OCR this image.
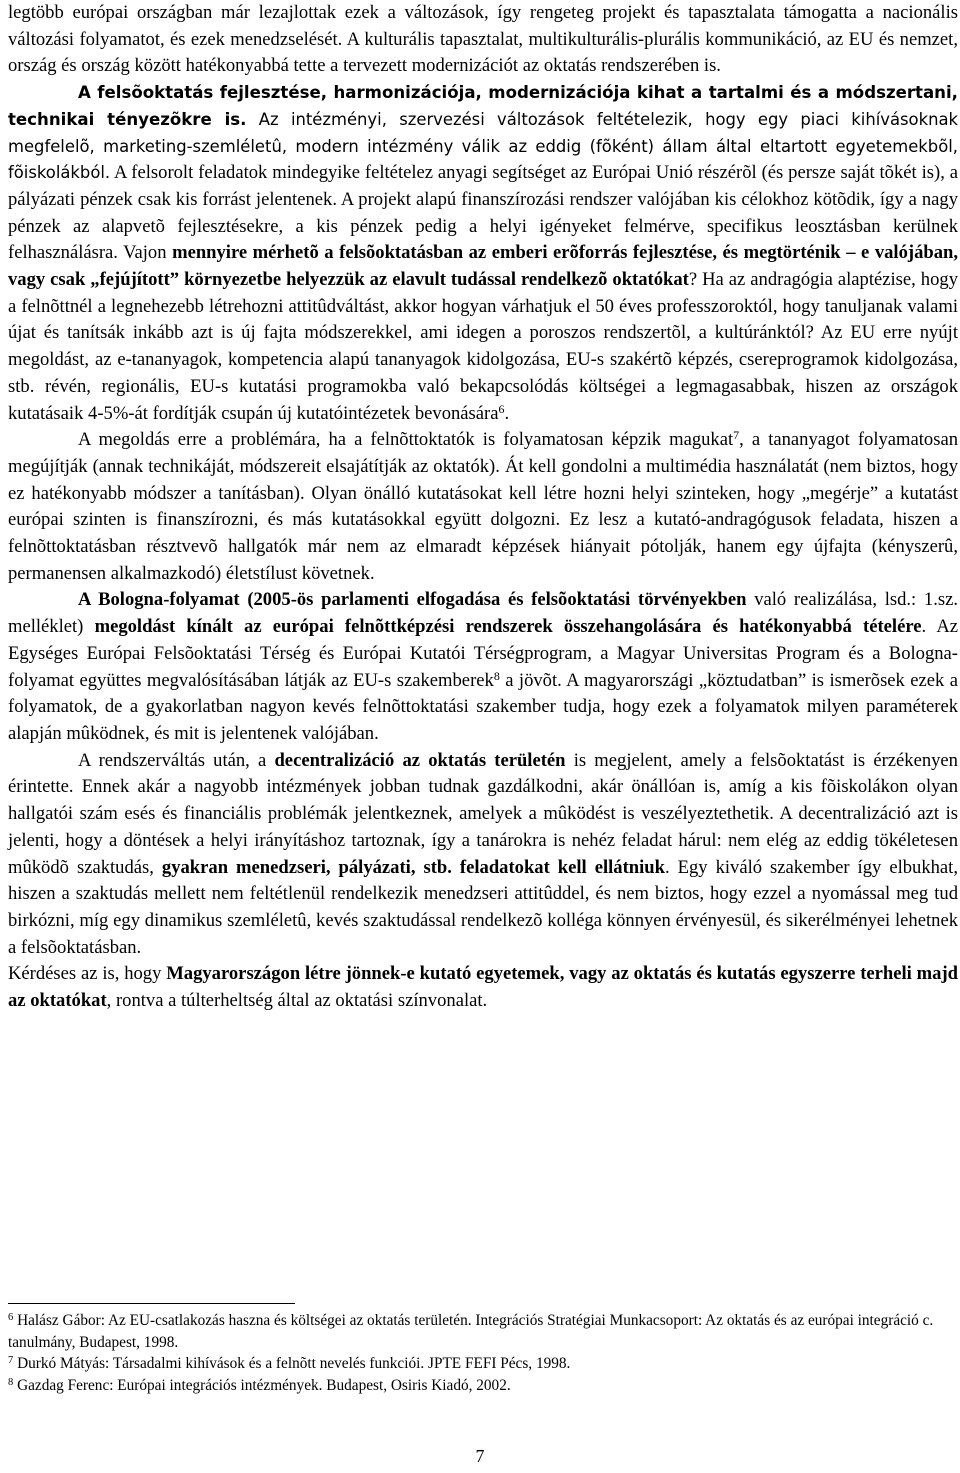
legtöbb európai országban már lezajlottak ezek a változások, így rengeteg projekt és tapasztalata támogatta a nacionális változási folyamatot, és ezek menedzselését. A kulturális tapasztalat, multikulturális-plurális kommunikáció, az EU és nemzet, ország és ország között hatékonyabbá tette a tervezett modernizációt az oktatás rendszerében is.

A felsõoktatás fejlesztése, harmonizációja, modernizációja kihat a tartalmi és a módszertani, technikai tényezõkre is. Az intézményi, szervezési változások feltételezik, hogy egy piaci kihívásoknak megfelelõ, marketing-szemléletû, modern intézmény válik az eddig (fõként) állam által eltartott egyetemekbõl, fõiskolákból. A felsorolt feladatok mindegyike feltételez anyagi segítséget az Európai Unió részérõl (és persze saját tõkét is), a pályázati pénzek csak kis forrást jelentenek. A projekt alapú finanszírozási rendszer valójában kis célokhoz kötõdik, így a nagy pénzek az alapvetõ fejlesztésekre, a kis pénzek pedig a helyi igényeket felmérve, specifikus leosztásban kerülnek felhasználásra. Vajon mennyire mérhetõ a felsõoktatásban az emberi erõforrás fejlesztése, és megtörténik – e valójában, vagy csak „fejújított” környezetbe helyezzük az elavult tudással rendelkezõ oktatókat? Ha az andragógia alaptézise, hogy a felnõttnél a legnehezebb létrehozni attitûdváltást, akkor hogyan várhatjuk el 50 éves professzoroktól, hogy tanuljanak valami újat és tanítsák inkább azt is új fajta módszerekkel, ami idegen a poroszos rendszertõl, a kultúránktól? Az EU erre nyújt megoldást, az e-tananyagok, kompetencia alapú tananyagok kidolgozása, EU-s szakértõ képzés, csereprogramok kidolgozása, stb. révén, regionális, EU-s kutatási programokba való bekapcsolódás költségei a legmagasabbak, hiszen az országok kutatásaik 4-5%-át fordítják csupán új kutatóintézetek bevonására$^6$.

A megoldás erre a problémára, ha a felnõttoktatók is folyamatosan képzik magukat$^7$, a tananyagot folyamatosan megújítják (annak technikáját, módszereit elsajátítják az oktatók). Át kell gondolni a multimédia használatát (nem biztos, hogy ez hatékonyabb módszer a tanításban). Olyan önálló kutatásokat kell létre hozni helyi szinteken, hogy „megérje” a kutatást európai szinten is finanszírozni, és más kutatásokkal együtt dolgozni. Ez lesz a kutató-andragógusok feladata, hiszen a felnõttoktatásban résztvevõ hallgatók már nem az elmaradt képzések hiányait pótolják, hanem egy újfajta (kényszerû, permanensen alkalmazkodó) életstílust követnek.

A Bologna-folyamat (2005-ös parlamenti elfogadása és felsõoktatási törvényekben való realizálása, lsd.: 1.sz. melléklet) megoldást kínált az európai felnõttképzési rendszerek összehangolására és hatékonyabbá tételére. Az Egységes Európai Felsõoktatási Térség és Európai Kutatói Térségprogram, a Magyar Universitas Program és a Bologna-folyamat együttes megvalósításában látják az EU-s szakemberek$^8$ a jövõt. A magyarországi „köztudatban” is ismerõsek ezek a folyamatok, de a gyakorlatban nagyon kevés felnõttoktatási szakember tudja, hogy ezek a folyamatok milyen paraméterek alapján mûködnek, és mit is jelentenek valójában.

A rendszerváltás után, a decentralizáció az oktatás területén is megjelent, amely a felsõoktatást is érzékenyen érintette. Ennek akár a nagyobb intézmények jobban tudnak gazdálkodni, akár önállóan is, amíg a kis fõiskolákon olyan hallgatói szám esés és financiális problémák jelentkeznek, amelyek a mûködést is veszélyeztethetik. A decentralizáció azt is jelenti, hogy a döntések a helyi irányításhoz tartoznak, így a tanárokra is nehéz feladat hárul: nem elég az eddig tökéletesen mûködõ szaktudás, gyakran menedzseri, pályázati, stb. feladatokat kell ellátniuk. Egy kiváló szakember így elbukhat, hiszen a szaktudás mellett nem feltétlenül rendelkezik menedzseri attitûddel, és nem biztos, hogy ezzel a nyomással meg tud birkózni, míg egy dinamikus szemléletû, kevés szaktudással rendelkezõ kollégа könnyen érvényesül, és sikerélményei lehetnek a felsõoktatásban.

Kérdéses az is, hogy Magyarországon létre jönnek-e kutató egyetemek, vagy az oktatás és kutatás egyszerre terheli majd az oktatókat, rontva a túlterheltség által az oktatási színvonalat.

$^6$ Halász Gábor: Az EU-csatlakozás haszna és költségei az oktatás területén. Integrációs Stratégiai Munkacsoport: Az oktatás és az európai integráció c. tanulmány, Budapest, 1998.

$^7$ Durkó Mátyás: Társadalmi kihívások és a felnõtt nevelés funkciói. JPTE FEFI Pécs, 1998.

$^8$ Gazdag Ferenc: Európai integrációs intézmények. Budapest, Osiris Kiadó, 2002.

7
